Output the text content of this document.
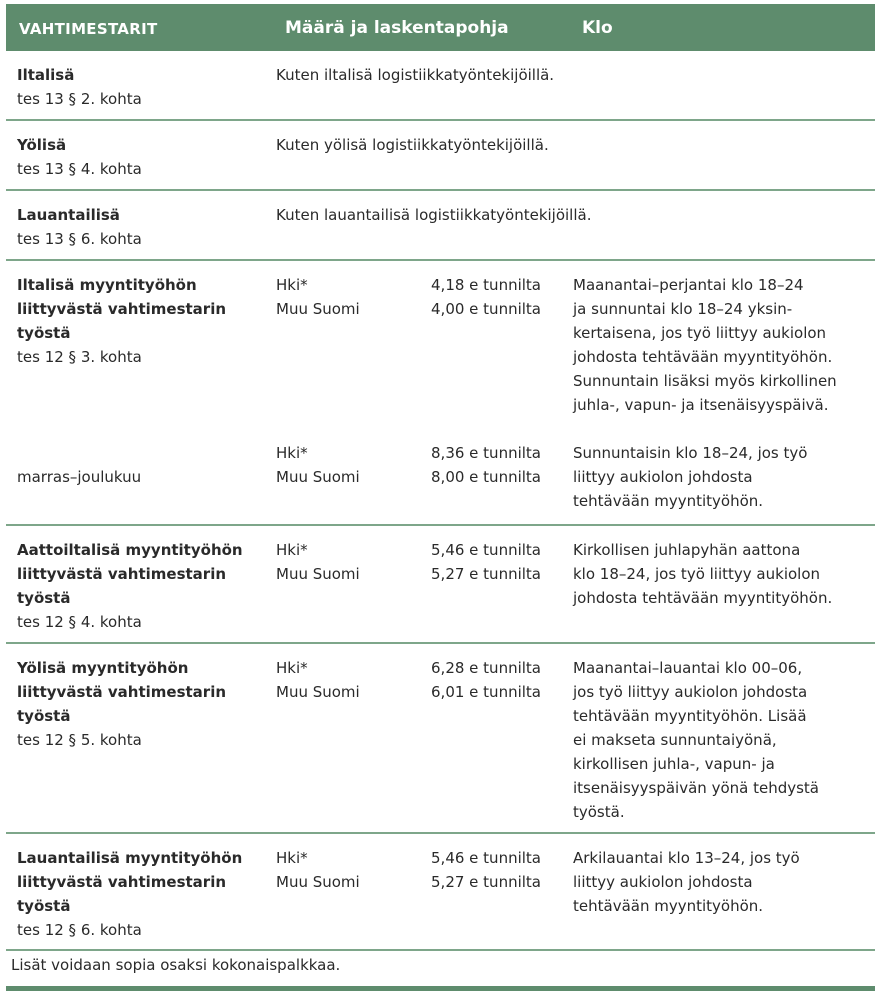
VAHTIMESTARIT	Määrä ja laskentapohja	Klo
Iltalisä
tes 13 § 2. kohta
Kuten iltalisä logistiikkatyöntekijöillä.
Yölisä
tes 13 § 4. kohta
Kuten yölisä logistiikkatyöntekijöillä.
Lauantailisä
tes 13 § 6. kohta
Kuten lauantailisä logistiikkatyöntekijöillä.
Iltalisä myyntityöhön
liittyvästä vahtimestarin
työstä
tes 12 § 3. kohta
Hki*
Muu Suomi
4,18 e tunnilta
4,00 e tunnilta
Maanantai–perjantai klo 18–24
ja sunnuntai klo 18–24 yksin-
kertaisena, jos työ liittyy aukiolon
johdosta tehtävään myyntityöhön.
Sunnuntain lisäksi myös kirkollinen
juhla-, vapun- ja itsenäisyyspäivä.
marras–joulukuu
Hki*
Muu Suomi
8,36 e tunnilta
8,00 e tunnilta
Sunnuntaisin klo 18–24, jos työ
liittyy aukiolon johdosta
tehtävään myyntityöhön.
Aattoiltalisä myyntityöhön
liittyvästä vahtimestarin
työstä
tes 12 § 4. kohta
Hki*
Muu Suomi
5,46 e tunnilta
5,27 e tunnilta
Kirkollisen juhlapyhän aattona
klo 18–24, jos työ liittyy aukiolon
johdosta tehtävään myyntityöhön.
Yölisä myyntityöhön
liittyvästä vahtimestarin
työstä
tes 12 § 5. kohta
Hki*
Muu Suomi
6,28 e tunnilta
6,01 e tunnilta
Maanantai–lauantai klo 00–06,
jos työ liittyy aukiolon johdosta
tehtävään myyntityöhön. Lisää
ei makseta sunnuntaiyönä,
kirkollisen juhla-, vapun- ja
itsenäisyyspäivän yönä tehdystä
työstä.
Lauantailisä myyntityöhön
liittyvästä vahtimestarin
työstä
tes 12 § 6. kohta
Hki*
Muu Suomi
5,46 e tunnilta
5,27 e tunnilta
Arkilauantai klo 13–24, jos työ
liittyy aukiolon johdosta
tehtävään myyntityöhön.
Lisät voidaan sopia osaksi kokonaispalkkaa.
